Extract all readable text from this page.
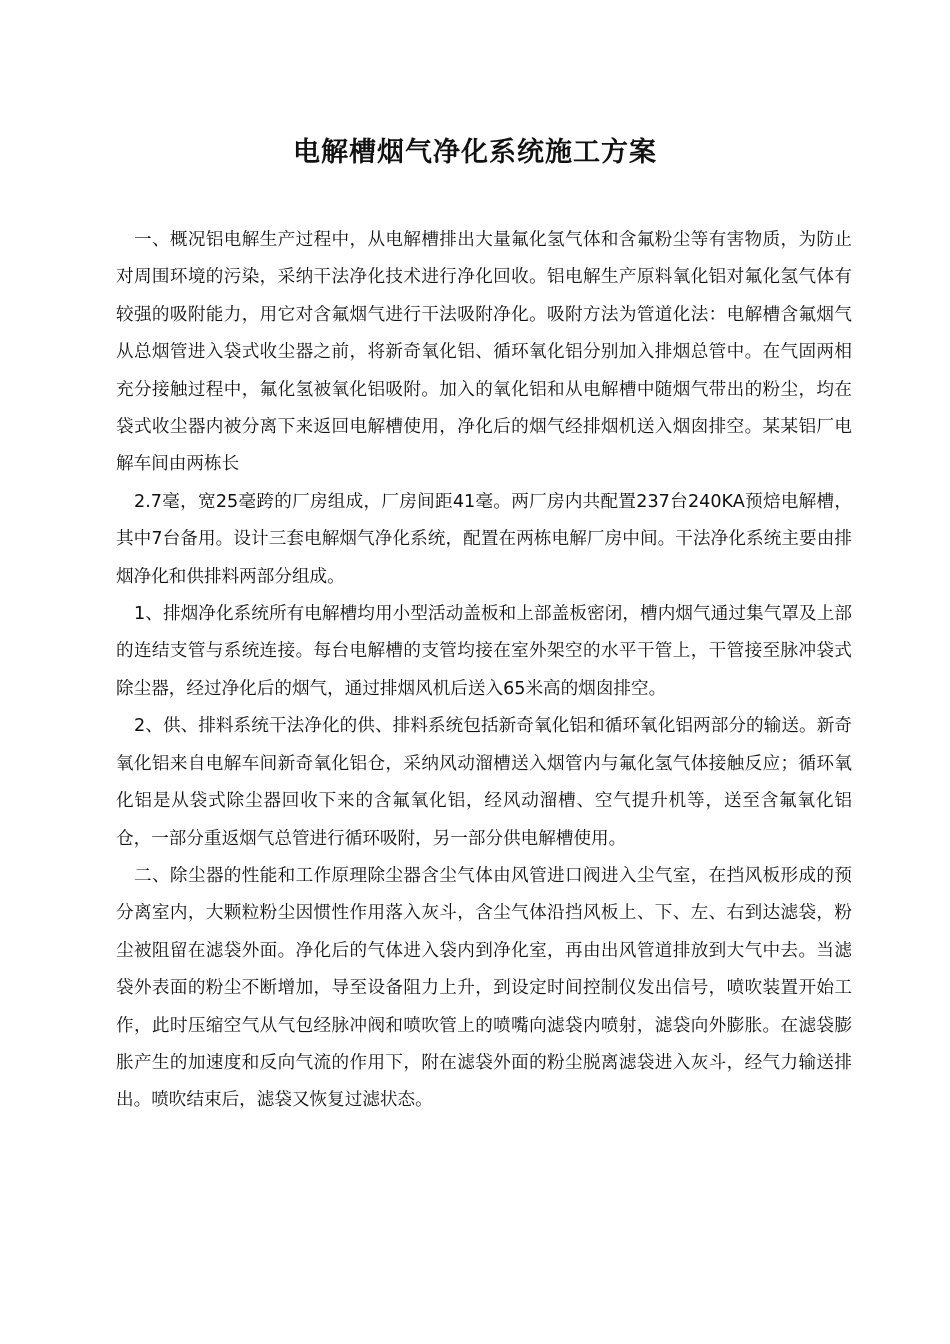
电解槽烟气净化系统施工方案

一、概况铝电解生产过程中，从电解槽排出大量氟化氢气体和含氟粉尘等有害物质，为防止对周围环境的污染，采纳干法净化技术进行净化回收。铝电解生产原料氧化铝对氟化氢气体有较强的吸附能力，用它对含氟烟气进行干法吸附净化。吸附方法为管道化法：电解槽含氟烟气从总烟管进入袋式收尘器之前，将新奇氧化铝、循环氧化铝分别加入排烟总管中。在气固两相充分接触过程中，氟化氢被氧化铝吸附。加入的氧化铝和从电解槽中随烟气带出的粉尘，均在袋式收尘器内被分离下来返回电解槽使用，净化后的烟气经排烟机送入烟囱排空。某某铝厂电解车间由两栋长

2.7毫，宽25毫跨的厂房组成，厂房间距41毫。两厂房内共配置237台240KA预焙电解槽，其中7台备用。设计三套电解烟气净化系统，配置在两栋电解厂房中间。干法净化系统主要由排烟净化和供排料两部分组成。

1、排烟净化系统所有电解槽均用小型活动盖板和上部盖板密闭，槽内烟气通过集气罩及上部的连结支管与系统连接。每台电解槽的支管均接在室外架空的水平干管上，干管接至脉冲袋式除尘器，经过净化后的烟气，通过排烟风机后送入65米高的烟囱排空。

2、供、排料系统干法净化的供、排料系统包括新奇氧化铝和循环氧化铝两部分的输送。新奇氧化铝来自电解车间新奇氧化铝仓，采纳风动溜槽送入烟管内与氟化氢气体接触反应；循环氧化铝是从袋式除尘器回收下来的含氟氧化铝，经风动溜槽、空气提升机等，送至含氟氧化铝仓，一部分重返烟气总管进行循环吸附，另一部分供电解槽使用。

二、除尘器的性能和工作原理除尘器含尘气体由风管进口阀进入尘气室，在挡风板形成的预分离室内，大颗粒粉尘因惯性作用落入灰斗，含尘气体沿挡风板上、下、左、右到达滤袋，粉尘被阻留在滤袋外面。净化后的气体进入袋内到净化室，再由出风管道排放到大气中去。当滤袋外表面的粉尘不断增加，导至设备阻力上升，到设定时间控制仪发出信号，喷吹装置开始工作，此时压缩空气从气包经脉冲阀和喷吹管上的喷嘴向滤袋内喷射，滤袋向外膨胀。在滤袋膨胀产生的加速度和反向气流的作用下，附在滤袋外面的粉尘脱离滤袋进入灰斗，经气力输送排出。喷吹结束后，滤袋又恢复过滤状态。
